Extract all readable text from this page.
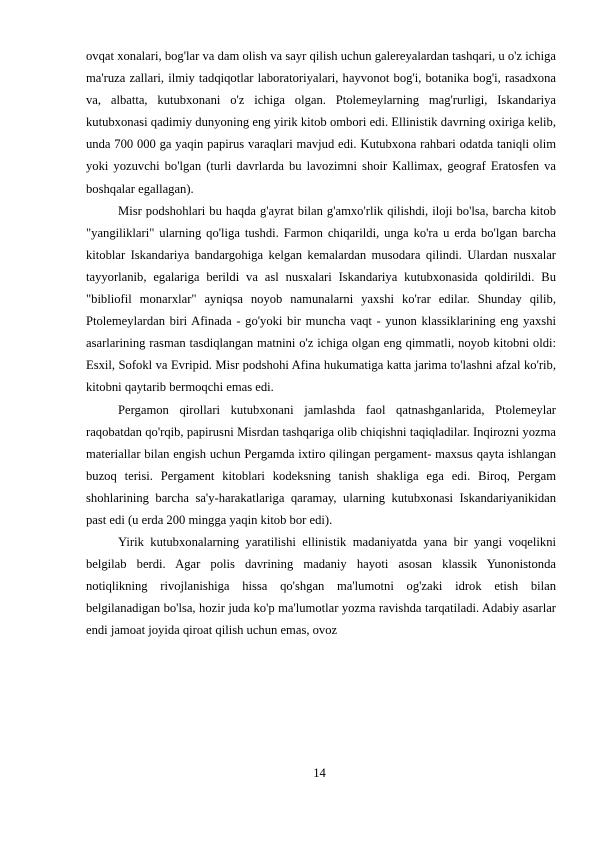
ovqat xonalari, bog'lar va dam olish va sayr qilish uchun galereyalardan tashqari, u o'z ichiga ma'ruza zallari, ilmiy tadqiqotlar laboratoriyalari, hayvonot bog'i, botanika bog'i, rasadxona va, albatta, kutubxonani o'z ichiga olgan. Ptolemeylarning mag'rurligi, Iskandariya kutubxonasi qadimiy dunyoning eng yirik kitob ombori edi. Ellinistik davrning oxiriga kelib, unda 700 000 ga yaqin papirus varaqlari mavjud edi. Kutubxona rahbari odatda taniqli olim yoki yozuvchi bo'lgan (turli davrlarda bu lavozimni shoir Kallimax, geograf Eratosfen va boshqalar egallagan).

Misr podshohlari bu haqda g'ayrat bilan g'amxo'rlik qilishdi, iloji bo'lsa, barcha kitob "yangiliklari" ularning qo'liga tushdi. Farmon chiqarildi, unga ko'ra u erda bo'lgan barcha kitoblar Iskandariya bandargohiga kelgan kemalardan musodara qilindi. Ulardan nusxalar tayyorlanib, egalariga berildi va asl nusxalari Iskandariya kutubxonasida qoldirildi. Bu "bibliofil monarxlar" ayniqsa noyob namunalarni yaxshi ko'rar edilar. Shunday qilib, Ptolemeylardan biri Afinada - go'yoki bir muncha vaqt - yunon klassiklarining eng yaxshi asarlarining rasman tasdiqlangan matnini o'z ichiga olgan eng qimmatli, noyob kitobni oldi: Esxil, Sofokl va Evripid. Misr podshohi Afina hukumatiga katta jarima to'lashni afzal ko'rib, kitobni qaytarib bermoqchi emas edi.

Pergamon qirollari kutubxonani jamlashda faol qatnashganlarida, Ptolemeylar raqobatdan qo'rqib, papirusni Misrdan tashqariga olib chiqishni taqiqladilar. Inqirozni yozma materiallar bilan engish uchun Pergamda ixtiro qilingan pergament- maxsus qayta ishlangan buzoq terisi. Pergament kitoblari kodeksning tanish shakliga ega edi. Biroq, Pergam shohlarining barcha sa'y-harakatlariga qaramay, ularning kutubxonasi Iskandariyanikidan past edi (u erda 200 mingga yaqin kitob bor edi).

Yirik kutubxonalarning yaratilishi ellinistik madaniyatda yana bir yangi voqelikni belgilab berdi. Agar polis davrining madaniy hayoti asosan klassik Yunonistonda notiqlikning rivojlanishiga hissa qo'shgan ma'lumotni og'zaki idrok etish bilan belgilanadigan bo'lsa, hozir juda ko'p ma'lumotlar yozma ravishda tarqatiladi. Adabiy asarlar endi jamoat joyida qiroat qilish uchun emas, ovoz

14
